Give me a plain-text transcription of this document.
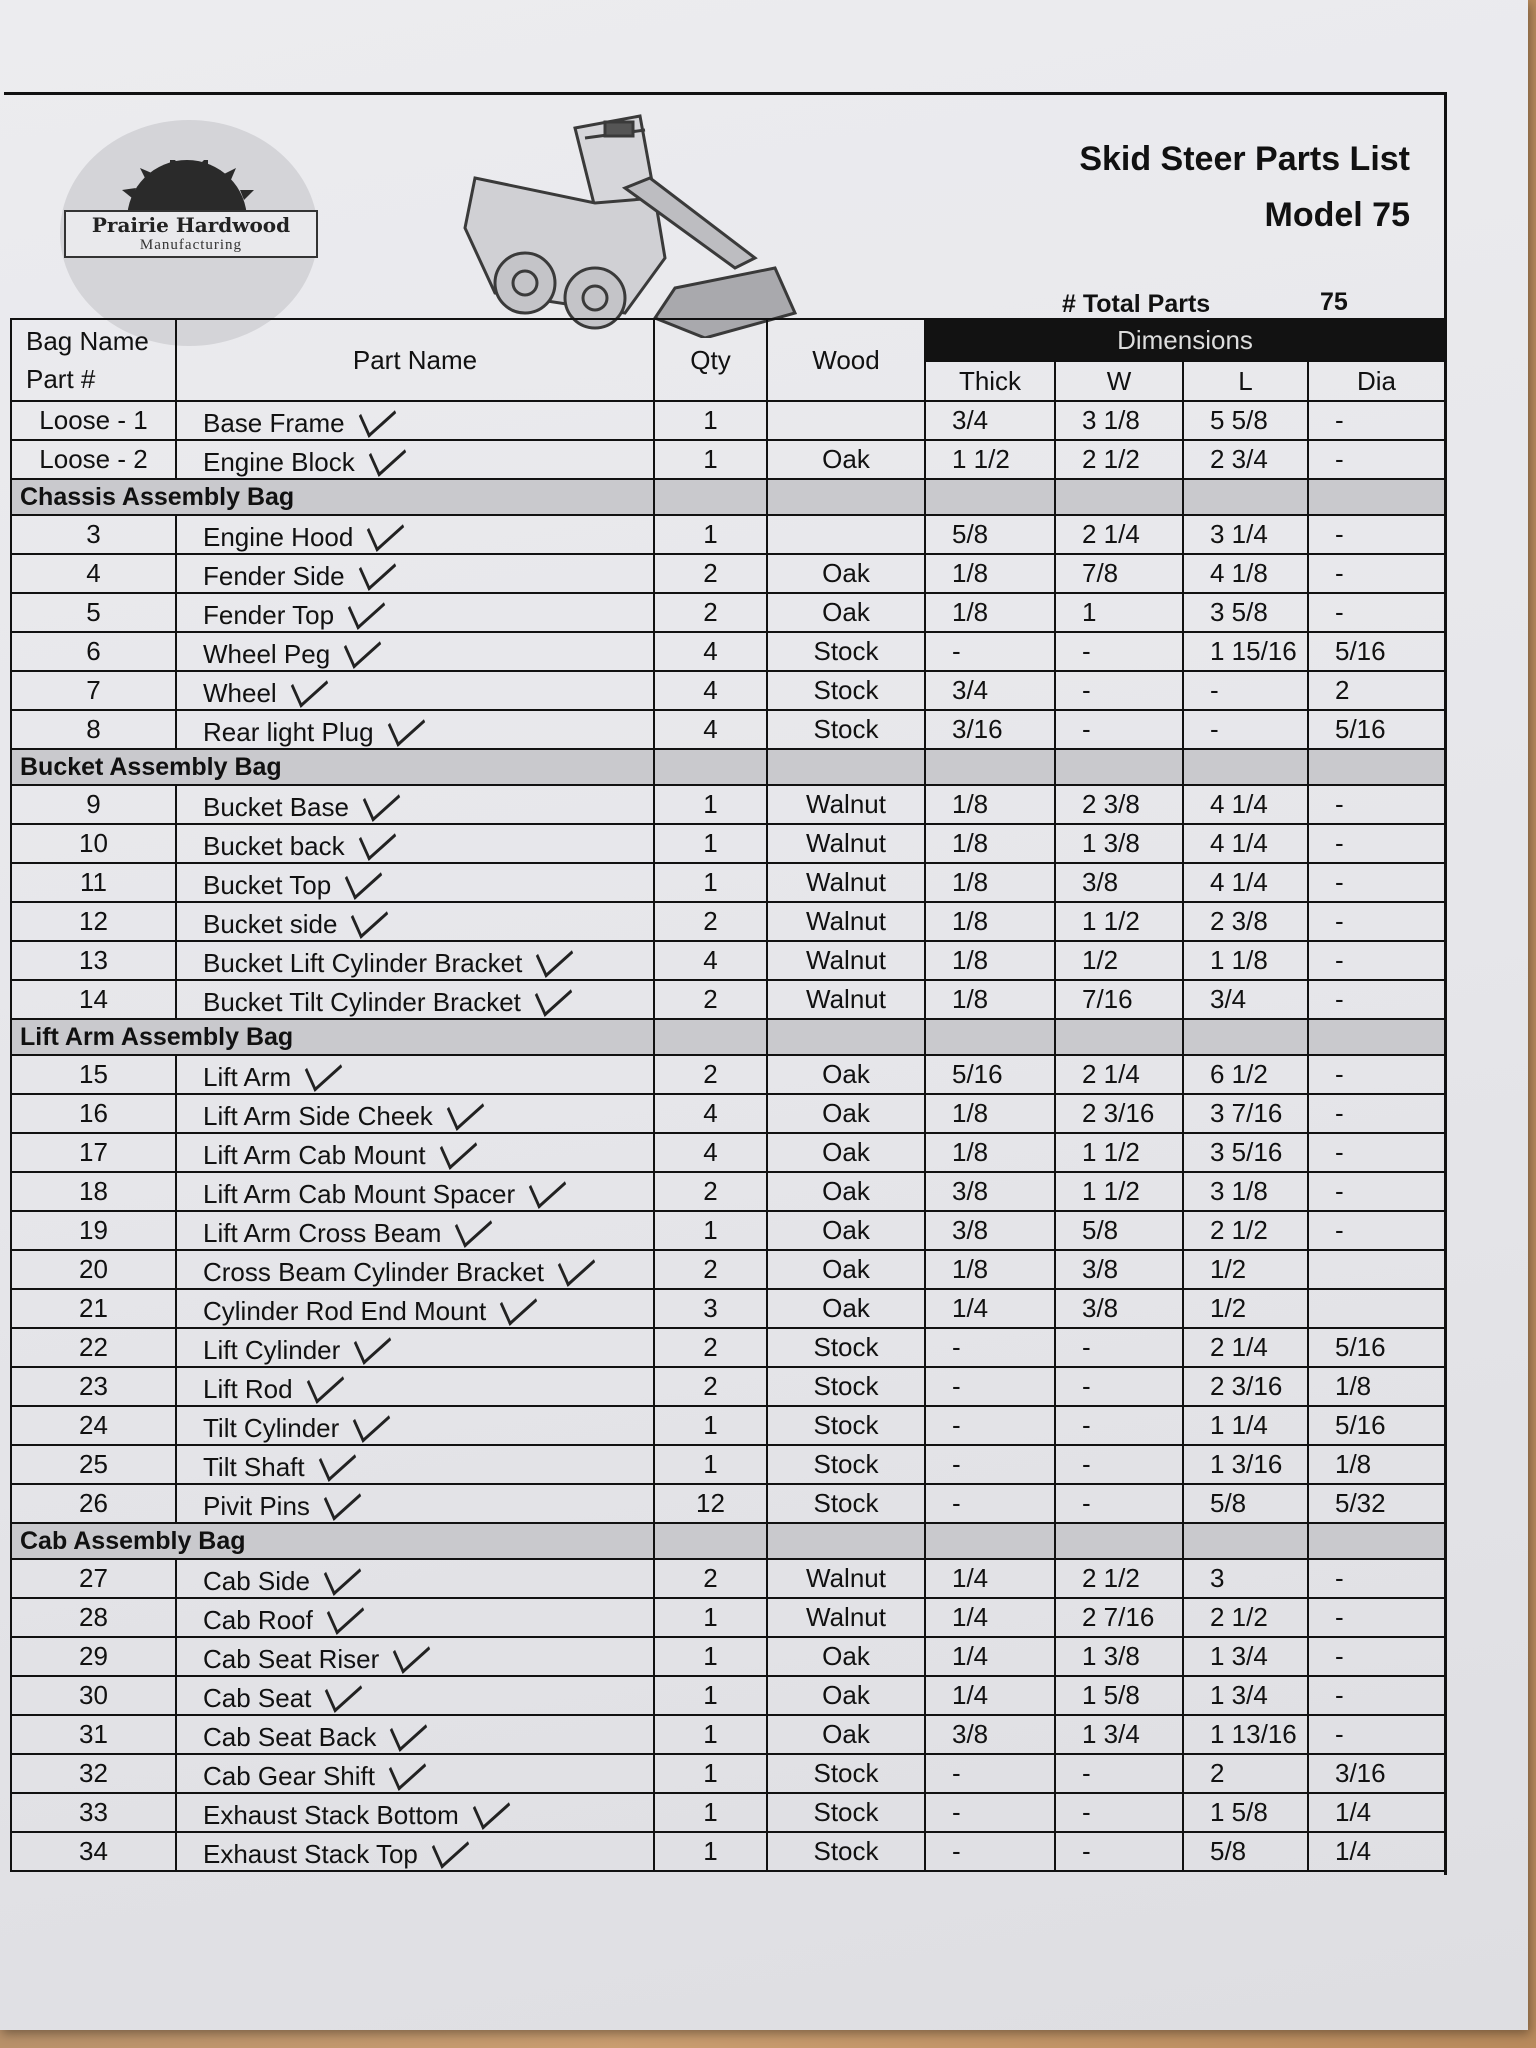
Prairie Hardwood
Manufacturing
Skid Steer Parts List
Model 75
# Total Parts	75
Bag Name
Part #	Part Name	Qty	Wood	Dimensions			
				Thick	W	L	Dia
Loose - 1	Base Frame	1		3/4	3 1/8	5 5/8	-
Loose - 2	Engine Block	1	Oak	1 1/2	2 1/2	2 3/4	-
Chassis Assembly Bag							
3	Engine Hood	1		5/8	2 1/4	3 1/4	-
4	Fender Side	2	Oak	1/8	7/8	4 1/8	-
5	Fender Top	2	Oak	1/8	1	3 5/8	-
6	Wheel Peg	4	Stock	-	-	1 15/16	5/16
7	Wheel	4	Stock	3/4	-	-	2
8	Rear light Plug	4	Stock	3/16	-	-	5/16
Bucket Assembly Bag							
9	Bucket Base	1	Walnut	1/8	2 3/8	4 1/4	-
10	Bucket back	1	Walnut	1/8	1 3/8	4 1/4	-
11	Bucket Top	1	Walnut	1/8	3/8	4 1/4	-
12	Bucket side	2	Walnut	1/8	1 1/2	2 3/8	-
13	Bucket Lift Cylinder Bracket	4	Walnut	1/8	1/2	1 1/8	-
14	Bucket Tilt Cylinder Bracket	2	Walnut	1/8	7/16	3/4	-
Lift Arm Assembly Bag							
15	Lift Arm	2	Oak	5/16	2 1/4	6 1/2	-
16	Lift Arm Side Cheek	4	Oak	1/8	2 3/16	3 7/16	-
17	Lift Arm Cab Mount	4	Oak	1/8	1 1/2	3 5/16	-
18	Lift Arm Cab Mount Spacer	2	Oak	3/8	1 1/2	3 1/8	-
19	Lift Arm Cross Beam	1	Oak	3/8	5/8	2 1/2	-
20	Cross Beam Cylinder Bracket	2	Oak	1/8	3/8	1/2	
21	Cylinder Rod End Mount	3	Oak	1/4	3/8	1/2	
22	Lift Cylinder	2	Stock	-	-	2 1/4	5/16
23	Lift Rod	2	Stock	-	-	2 3/16	1/8
24	Tilt Cylinder	1	Stock	-	-	1 1/4	5/16
25	Tilt Shaft	1	Stock	-	-	1 3/16	1/8
26	Pivit Pins	12	Stock	-	-	5/8	5/32
Cab Assembly Bag							
27	Cab Side	2	Walnut	1/4	2 1/2	3	-
28	Cab Roof	1	Walnut	1/4	2 7/16	2 1/2	-
29	Cab Seat Riser	1	Oak	1/4	1 3/8	1 3/4	-
30	Cab Seat	1	Oak	1/4	1 5/8	1 3/4	-
31	Cab Seat Back	1	Oak	3/8	1 3/4	1 13/16	-
32	Cab Gear Shift	1	Stock	-	-	2	3/16
33	Exhaust Stack Bottom	1	Stock	-	-	1 5/8	1/4
34	Exhaust Stack Top	1	Stock	-	-	5/8	1/4
